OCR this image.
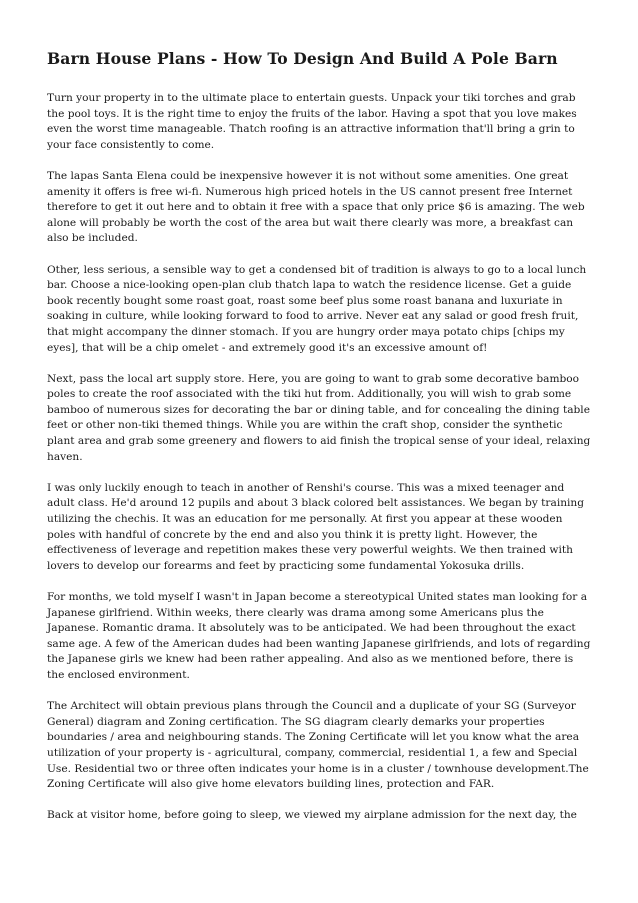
Barn House Plans - How To Design And Build A Pole Barn

Turn your property in to the ultimate place to entertain guests. Unpack your tiki torches and grab
the pool toys. It is the right time to enjoy the fruits of the labor. Having a spot that you love makes
even the worst time manageable. Thatch roofing is an attractive information that'll bring a grin to
your face consistently to come.

The lapas Santa Elena could be inexpensive however it is not without some amenities. One great
amenity it offers is free wi-fi. Numerous high priced hotels in the US cannot present free Internet
therefore to get it out here and to obtain it free with a space that only price $6 is amazing. The web
alone will probably be worth the cost of the area but wait there clearly was more, a breakfast can
also be included.

Other, less serious, a sensible way to get a condensed bit of tradition is always to go to a local lunch
bar. Choose a nice-looking open-plan club thatch lapa to watch the residence license. Get a guide
book recently bought some roast goat, roast some beef plus some roast banana and luxuriate in
soaking in culture, while looking forward to food to arrive. Never eat any salad or good fresh fruit,
that might accompany the dinner stomach. If you are hungry order maya potato chips [chips my
eyes], that will be a chip omelet - and extremely good it's an excessive amount of!

Next, pass the local art supply store. Here, you are going to want to grab some decorative bamboo
poles to create the roof associated with the tiki hut from. Additionally, you will wish to grab some
bamboo of numerous sizes for decorating the bar or dining table, and for concealing the dining table
feet or other non-tiki themed things. While you are within the craft shop, consider the synthetic
plant area and grab some greenery and flowers to aid finish the tropical sense of your ideal, relaxing
haven.

I was only luckily enough to teach in another of Renshi's course. This was a mixed teenager and
adult class. He'd around 12 pupils and about 3 black colored belt assistances. We began by training
utilizing the chechis. It was an education for me personally. At first you appear at these wooden
poles with handful of concrete by the end and also you think it is pretty light. However, the
effectiveness of leverage and repetition makes these very powerful weights. We then trained with
lovers to develop our forearms and feet by practicing some fundamental Yokosuka drills.

For months, we told myself I wasn't in Japan become a stereotypical United states man looking for a
Japanese girlfriend. Within weeks, there clearly was drama among some Americans plus the
Japanese. Romantic drama. It absolutely was to be anticipated. We had been throughout the exact
same age. A few of the American dudes had been wanting Japanese girlfriends, and lots of regarding
the Japanese girls we knew had been rather appealing. And also as we mentioned before, there is
the enclosed environment.

The Architect will obtain previous plans through the Council and a duplicate of your SG (Surveyor
General) diagram and Zoning certification. The SG diagram clearly demarks your properties
boundaries / area and neighbouring stands. The Zoning Certificate will let you know what the area
utilization of your property is - agricultural, company, commercial, residential 1, a few and Special
Use. Residential two or three often indicates your home is in a cluster / townhouse development.The
Zoning Certificate will also give home elevators building lines, protection and FAR.

Back at visitor home, before going to sleep, we viewed my airplane admission for the next day, the
